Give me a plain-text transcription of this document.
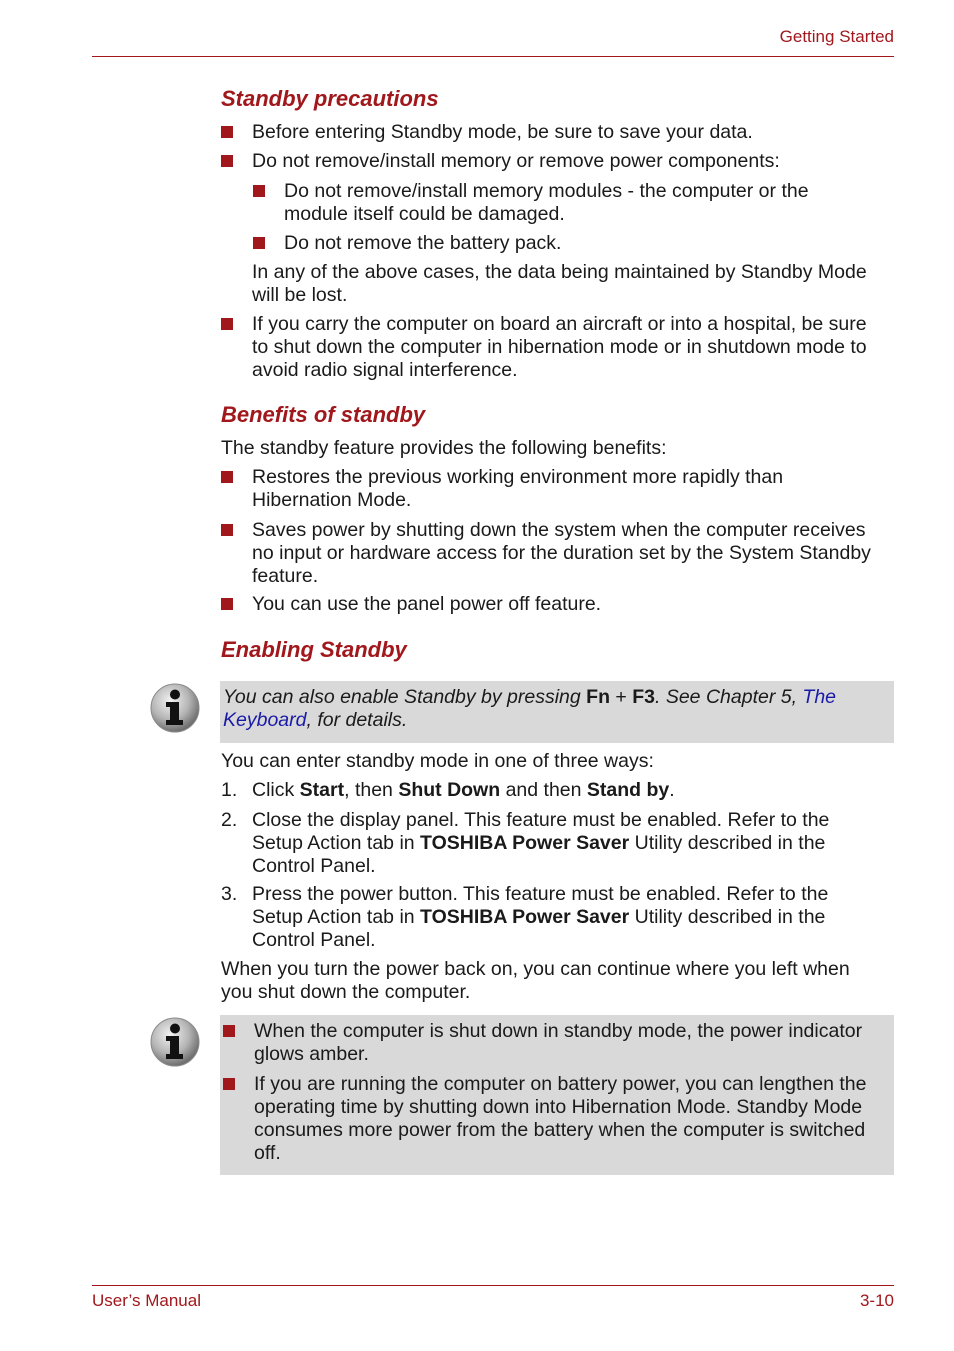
Getting Started
Standby precautions
Before entering Standby mode, be sure to save your data.
Do not remove/install memory or remove power components:
Do not remove/install memory modules - the computer or the
module itself could be damaged.
Do not remove the battery pack.
In any of the above cases, the data being maintained by Standby Mode
will be lost.
If you carry the computer on board an aircraft or into a hospital, be sure
to shut down the computer in hibernation mode or in shutdown mode to
avoid radio signal interference.
Benefits of standby
The standby feature provides the following benefits:
Restores the previous working environment more rapidly than
Hibernation Mode.
Saves power by shutting down the system when the computer receives
no input or hardware access for the duration set by the System Standby
feature.
You can use the panel power off feature.
Enabling Standby
You can also enable Standby by pressing Fn + F3. See Chapter 5, The
Keyboard, for details.
You can enter standby mode in one of three ways:
1. Click Start, then Shut Down and then Stand by.
2. Close the display panel. This feature must be enabled. Refer to the
Setup Action tab in TOSHIBA Power Saver Utility described in the
Control Panel.
3. Press the power button. This feature must be enabled. Refer to the
Setup Action tab in TOSHIBA Power Saver Utility described in the
Control Panel.
When you turn the power back on, you can continue where you left when
you shut down the computer.
When the computer is shut down in standby mode, the power indicator
glows amber.
If you are running the computer on battery power, you can lengthen the
operating time by shutting down into Hibernation Mode. Standby Mode
consumes more power from the battery when the computer is switched
off.
User’s Manual	3-10
